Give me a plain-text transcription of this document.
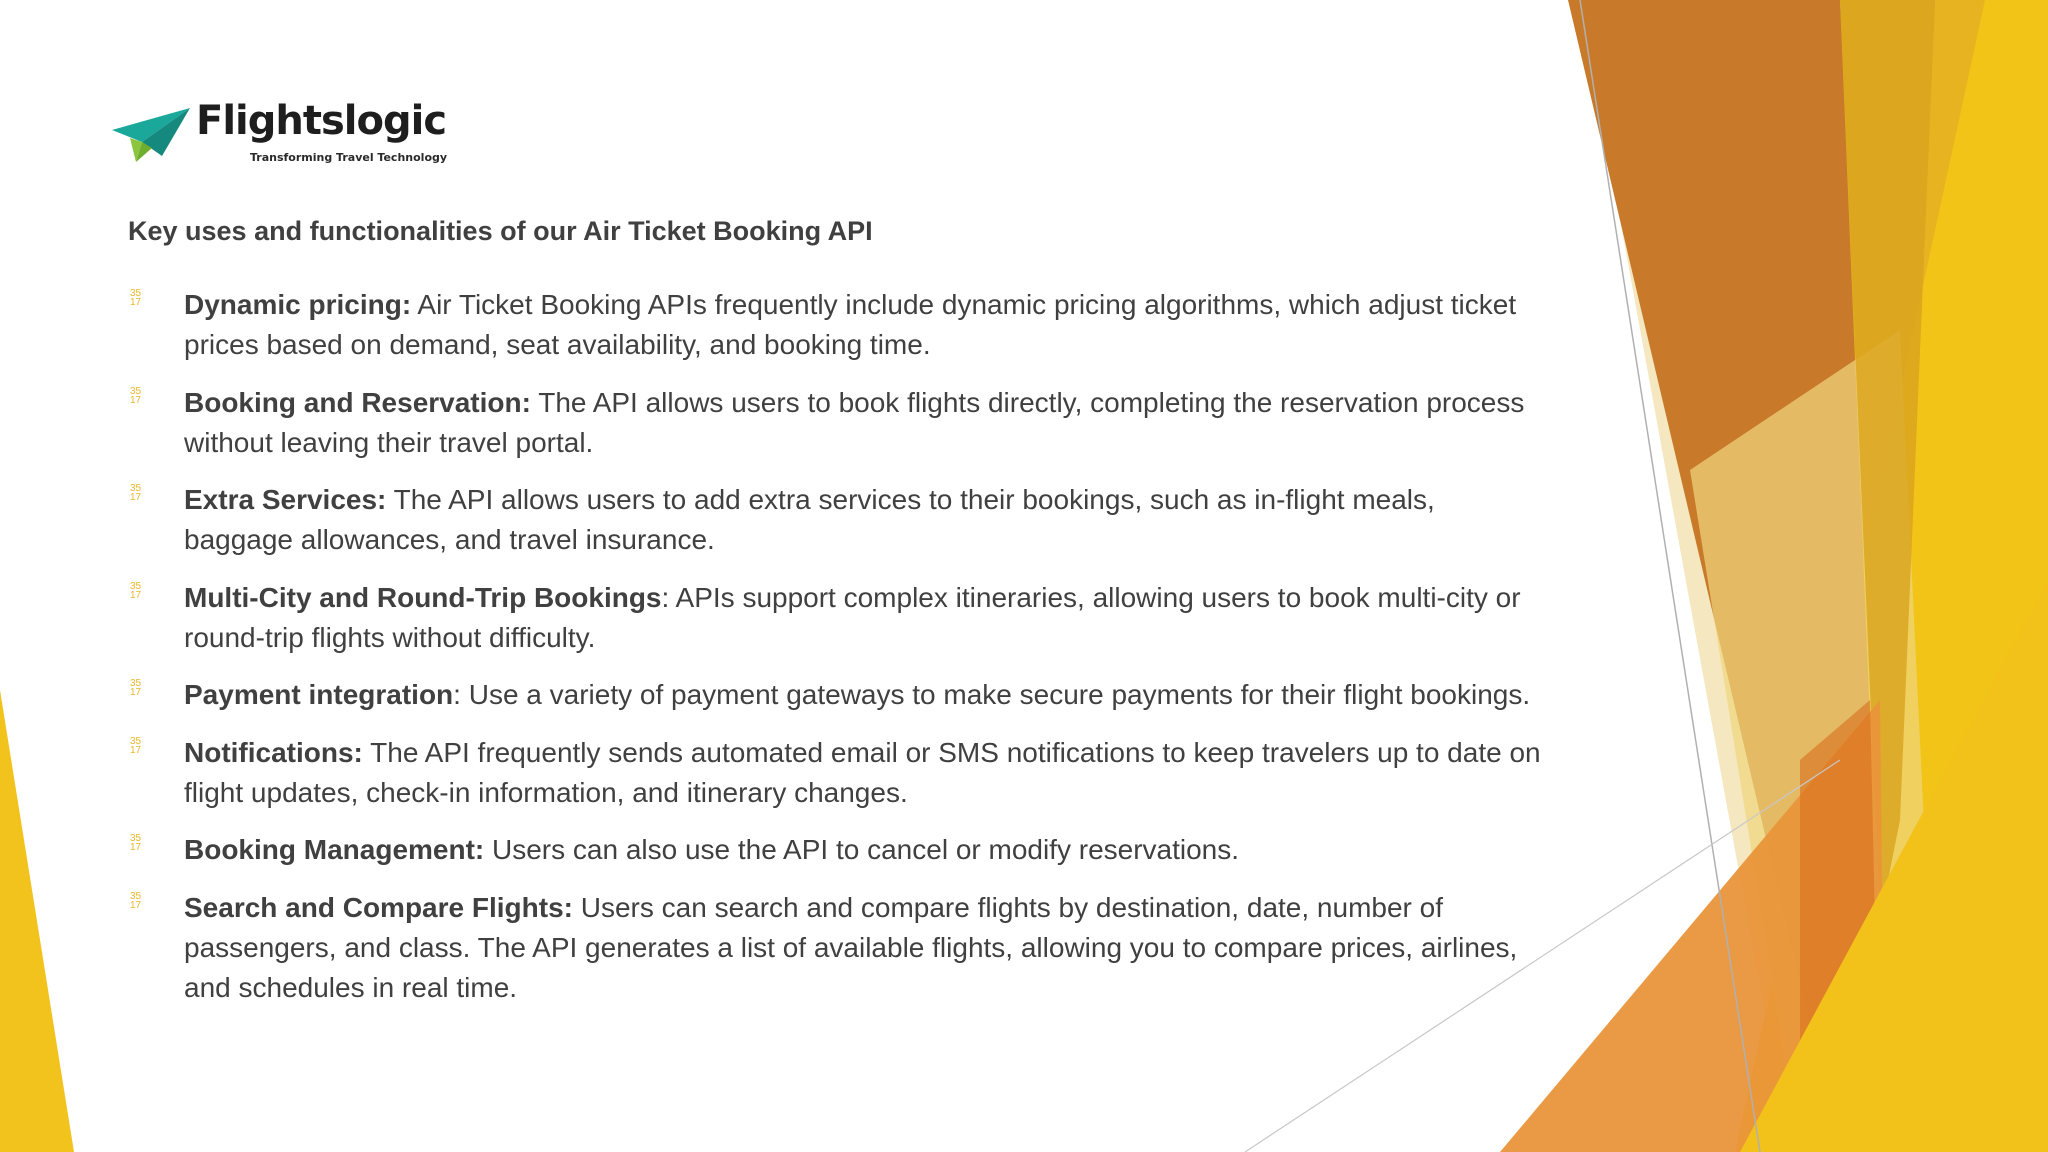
Flightslogic
Transforming Travel Technology
Key uses and functionalities of our Air Ticket Booking API
35
17 Dynamic pricing: Air Ticket Booking APIs frequently include dynamic pricing algorithms, which adjust ticket prices based on demand, seat availability, and booking time.
35
17 Booking and Reservation: The API allows users to book flights directly, completing the reservation process without leaving their travel portal.
35
17 Extra Services: The API allows users to add extra services to their bookings, such as in-flight meals, baggage allowances, and travel insurance.
35
17 Multi-City and Round-Trip Bookings: APIs support complex itineraries, allowing users to book multi-city or round-trip flights without difficulty.
35
17 Payment integration: Use a variety of payment gateways to make secure payments for their flight bookings.
35
17 Notifications: The API frequently sends automated email or SMS notifications to keep travelers up to date on flight updates, check-in information, and itinerary changes.
35
17 Booking Management: Users can also use the API to cancel or modify reservations.
35
17 Search and Compare Flights: Users can search and compare flights by destination, date, number of passengers, and class. The API generates a list of available flights, allowing you to compare prices, airlines, and schedules in real time.
